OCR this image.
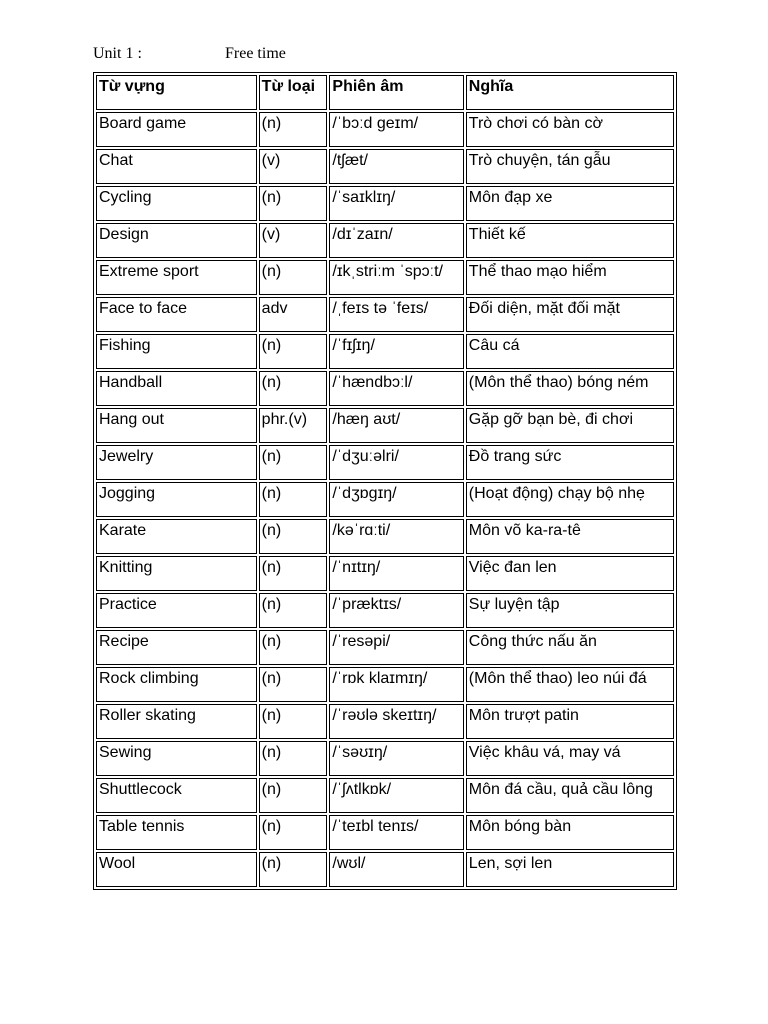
Unit 1 :	Free time
Từ vựng	Từ loại	Phiên âm	Nghĩa
Board game	(n)	/ˈbɔːd ɡeɪm/	Trò chơi có bàn cờ
Chat	(v)	/tʃæt/	Trò chuyện, tán gẫu
Cycling	(n)	/ˈsaɪklɪŋ/	Môn đạp xe
Design	(v)	/dɪˈzaɪn/	Thiết kế
Extreme sport	(n)	/ɪkˌstriːm ˈspɔːt/	Thể thao mạo hiểm
Face to face	adv	/ˌfeɪs tə ˈfeɪs/	Đối diện, mặt đối mặt
Fishing	(n)	/ˈfɪʃɪŋ/	Câu cá
Handball	(n)	/ˈhændbɔːl/	(Môn thể thao) bóng ném
Hang out	phr.(v)	/hæŋ aʊt/	Gặp gỡ bạn bè, đi chơi
Jewelry	(n)	/ˈdʒuːəlri/	Đồ trang sức
Jogging	(n)	/ˈdʒɒɡɪŋ/	(Hoạt động) chạy bộ nhẹ
Karate	(n)	/kəˈrɑːti/	Môn võ ka-ra-tê
Knitting	(n)	/ˈnɪtɪŋ/	Việc đan len
Practice	(n)	/ˈpræktɪs/	Sự luyện tập
Recipe	(n)	/ˈresəpi/	Công thức nấu ăn
Rock climbing	(n)	/ˈrɒk klaɪmɪŋ/	(Môn thể thao) leo núi đá
Roller skating	(n)	/ˈrəʊlə skeɪtɪŋ/	Môn trượt patin
Sewing	(n)	/ˈsəʊɪŋ/	Việc khâu vá, may vá
Shuttlecock	(n)	/ˈʃʌtlkɒk/	Môn đá cầu, quả cầu lông
Table tennis	(n)	/ˈteɪbl tenɪs/	Môn bóng bàn
Wool	(n)	/wʊl/	Len, sợi len
